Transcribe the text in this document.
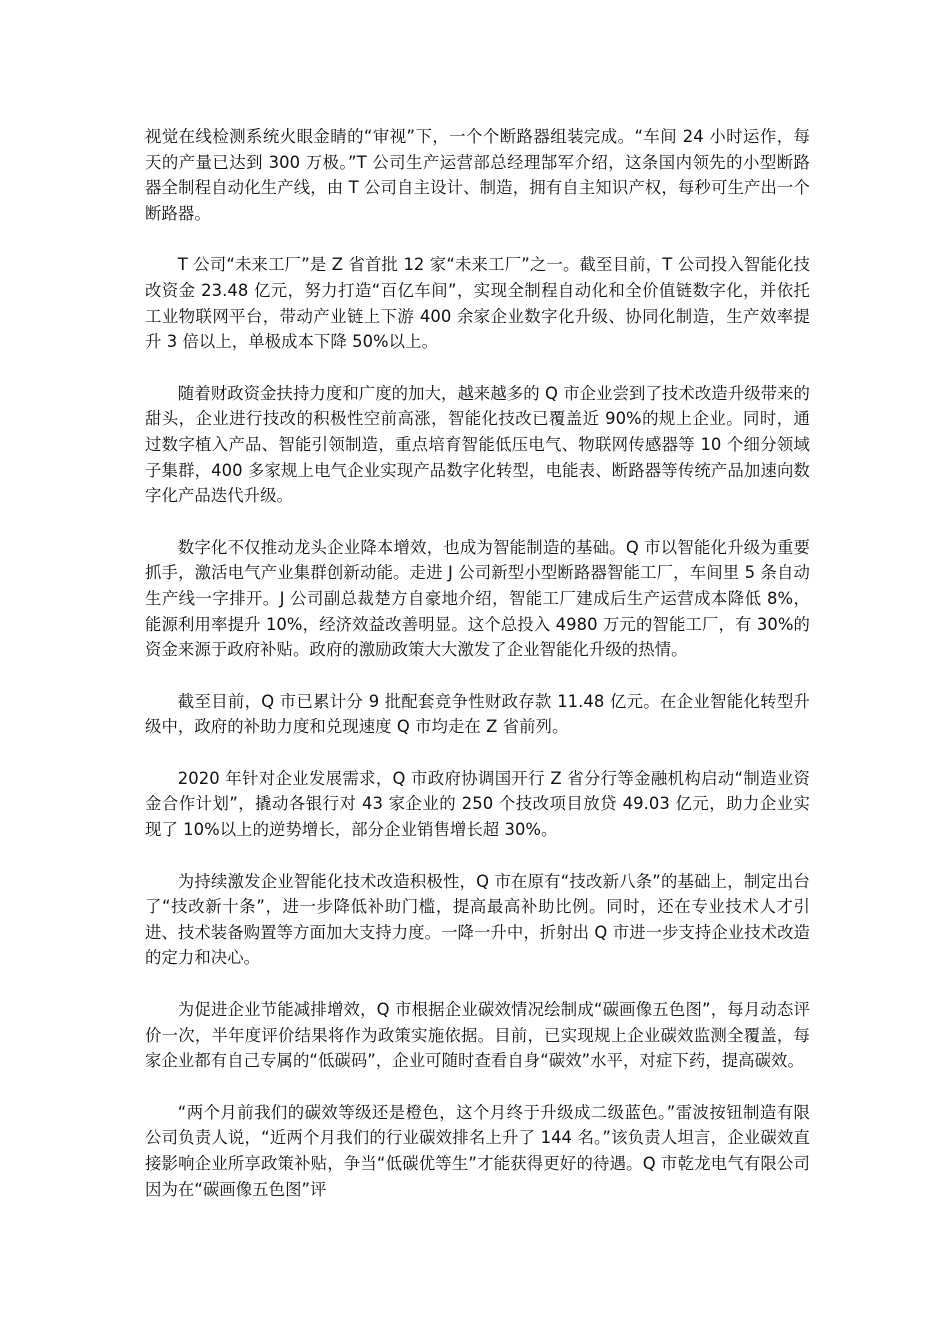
视觉在线检测系统火眼金睛的“审视”下，一个个断路器组装完成。“车间 24 小时运作，每天的产量已达到 300 万极。”T 公司生产运营部总经理郜军介绍，这条国内领先的小型断路器全制程自动化生产线，由 T 公司自主设计、制造，拥有自主知识产权，每秒可生产出一个断路器。

T 公司“未来工厂”是 Z 省首批 12 家“未来工厂”之一。截至目前，T 公司投入智能化技改资金 23.48 亿元，努力打造“百亿车间”，实现全制程自动化和全价值链数字化，并依托工业物联网平台，带动产业链上下游 400 余家企业数字化升级、协同化制造，生产效率提升 3 倍以上，单极成本下降 50%以上。

随着财政资金扶持力度和广度的加大，越来越多的 Q 市企业尝到了技术改造升级带来的甜头，企业进行技改的积极性空前高涨，智能化技改已覆盖近 90%的规上企业。同时，通过数字植入产品、智能引领制造，重点培育智能低压电气、物联网传感器等 10 个细分领域子集群，400 多家规上电气企业实现产品数字化转型，电能表、断路器等传统产品加速向数字化产品迭代升级。

数字化不仅推动龙头企业降本增效，也成为智能制造的基础。Q 市以智能化升级为重要抓手，激活电气产业集群创新动能。走进 J 公司新型小型断路器智能工厂，车间里 5 条自动生产线一字排开。J 公司副总裁楚方自豪地介绍，智能工厂建成后生产运营成本降低 8%，能源利用率提升 10%，经济效益改善明显。这个总投入 4980 万元的智能工厂，有 30%的资金来源于政府补贴。政府的激励政策大大激发了企业智能化升级的热情。

截至目前，Q 市已累计分 9 批配套竞争性财政存款 11.48 亿元。在企业智能化转型升级中，政府的补助力度和兑现速度 Q 市均走在 Z 省前列。

2020 年针对企业发展需求，Q 市政府协调国开行 Z 省分行等金融机构启动“制造业资金合作计划”，撬动各银行对 43 家企业的 250 个技改项目放贷 49.03 亿元，助力企业实现了 10%以上的逆势增长，部分企业销售增长超 30%。

为持续激发企业智能化技术改造积极性，Q 市在原有“技改新八条”的基础上，制定出台了“技改新十条”，进一步降低补助门槛，提高最高补助比例。同时，还在专业技术人才引进、技术装备购置等方面加大支持力度。一降一升中，折射出 Q 市进一步支持企业技术改造的定力和决心。

为促进企业节能减排增效，Q 市根据企业碳效情况绘制成“碳画像五色图”，每月动态评价一次，半年度评价结果将作为政策实施依据。目前，已实现规上企业碳效监测全覆盖，每家企业都有自己专属的“低碳码”，企业可随时查看自身“碳效”水平，对症下药，提高碳效。

“两个月前我们的碳效等级还是橙色，这个月终于升级成二级蓝色。”雷波按钮制造有限公司负责人说，“近两个月我们的行业碳效排名上升了 144 名。”该负责人坦言，企业碳效直接影响企业所享政策补贴，争当“低碳优等生”才能获得更好的待遇。Q 市乾龙电气有限公司因为在“碳画像五色图”评
